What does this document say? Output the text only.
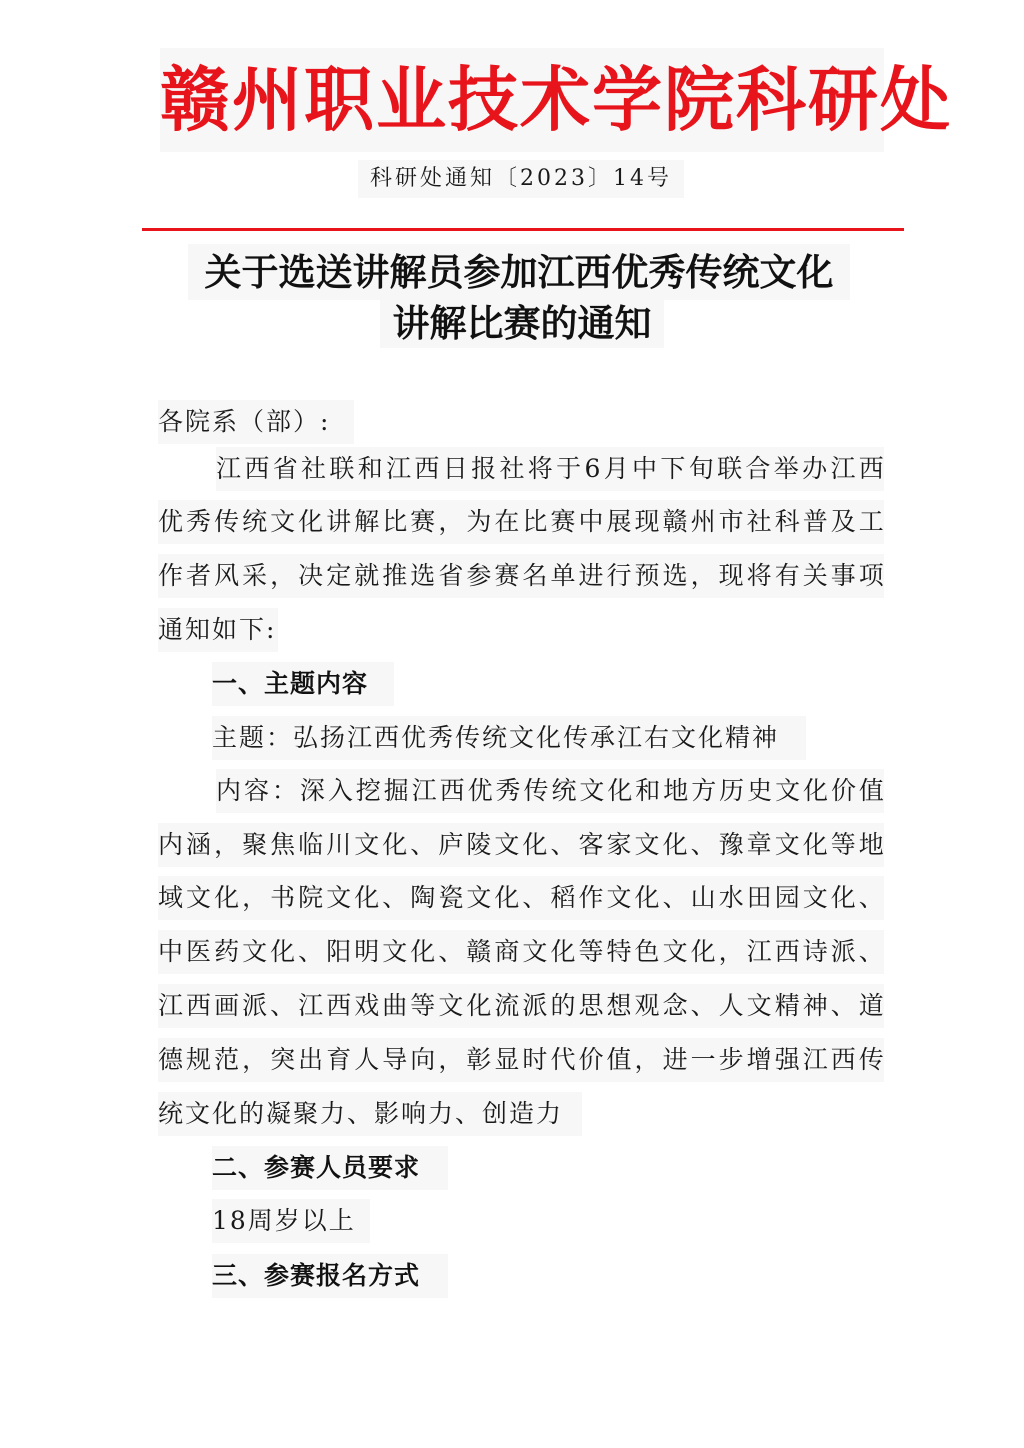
赣州职业技术学院科研处
科研处通知〔2023〕14号
关于选送讲解员参加江西优秀传统文化
讲解比赛的通知
各院系（部）:
江 西 省 社 联 和 江 西 日 报 社 将 于 6 月 中 下 旬 联 合 举 办 江 西
优 秀 传 统 文 化 讲 解 比 赛 ， 为 在 比 赛 中 展 现 赣 州 市 社 科 普 及 工
作 者 风 采 ， 决 定 就 推 选 省 参 赛 名 单 进 行 预 选 ， 现 将 有 关 事 项
通知如下:
一、主题内容
主题：弘扬江西优秀传统文化传承江右文化精神
内 容 ： 深 入 挖 掘 江 西 优 秀 传 统 文 化 和 地 方 历 史 文 化 价 值
内 涵 ， 聚 焦 临 川 文 化 、 庐 陵 文 化 、 客 家 文 化 、 豫 章 文 化 等 地
域 文 化 ， 书 院 文 化 、 陶 瓷 文 化 、 稻 作 文 化 、 山 水 田 园 文 化 、
中 医 药 文 化 、 阳 明 文 化 、 赣 商 文 化 等 特 色 文 化 ， 江 西 诗 派 、
江 西 画 派 、 江 西 戏 曲 等 文 化 流 派 的 思 想 观 念 、 人 文 精 神 、 道
德 规 范 ， 突 出 育 人 导 向 ， 彰 显 时 代 价 值 ， 进 一 步 增 强 江 西 传
统文化的凝聚力、影响力、创造力
二、参赛人员要求
18周岁以上
三、参赛报名方式
